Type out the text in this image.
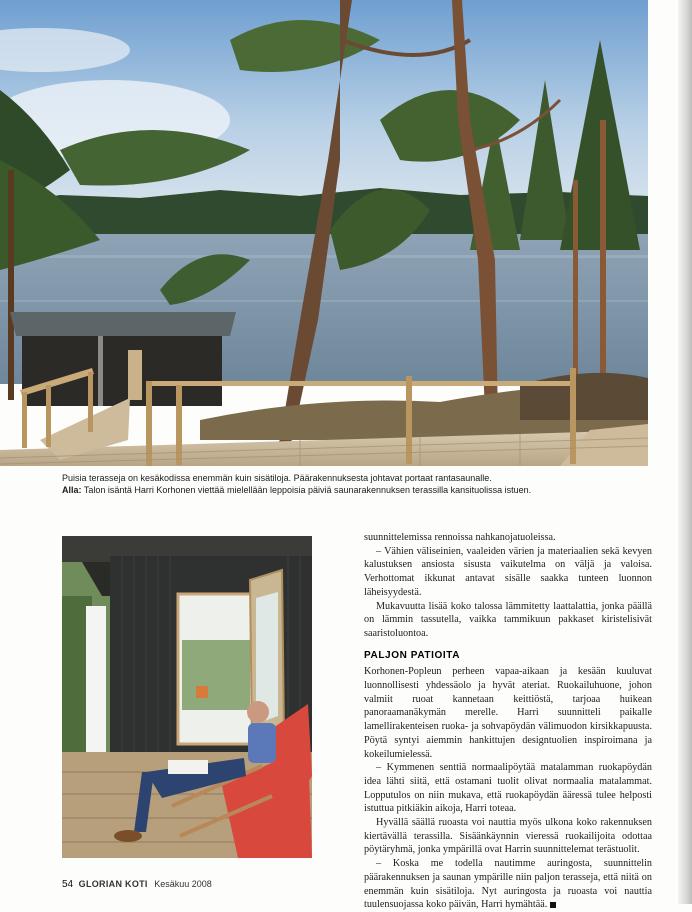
Puisia terasseja on kesäkodissa enemmän kuin sisätiloja. Päärakennuksesta johtavat portaat rantasaunalle.
Alla: Talon isäntä Harri Korhonen viettää mielellään leppoisia päiviä saunarakennuksen terassilla kansituolissa istuen.

suunnittelemissa rennoissa nahkanojatuoleissa.

– Vähien väliseinien, vaaleiden värien ja materiaalien sekä kevyen kalustuksen ansiosta sisusta vaikutelma on väljä ja valoisa. Verhottomat ikkunat antavat sisälle saakka tunteen luonnon läheisyydestä.

Mukavuutta lisää koko talossa lämmitetty laattalattia, jonka päällä on lämmin tassutella, vaikka tammikuun pakkaset kiristelisivät saaristoluontoa.

PALJON PATIOITA

Korhonen-Popleun perheen vapaa-aikaan ja kesään kuuluvat luonnollisesti yhdessäolo ja hyvät ateriat. Ruokailuhuone, johon valmiit ruoat kannetaan keittiöstä, tarjoaa huikean panoraamanäkymän merelle. Harri suunnitteli paikalle lamellirakenteisen ruoka- ja sohvapöydän välimuodon kirsikkapuusta. Pöytä syntyi aiemmin hankittujen designtuolien inspiroimana ja kokeilumielessä.

– Kymmenen senttiä normaalipöytää matalamman ruokapöydän idea lähti siitä, että ostamani tuolit olivat normaalia matalammat. Lopputulos on niin mukava, että ruokapöydän ääressä tulee helposti istuttua pitkiäkin aikoja, Harri toteaa.

Hyvällä säällä ruoasta voi nauttia myös ulkona koko rakennuksen kiertävällä terassilla. Sisäänkäynnin vieressä ruokailijoita odottaa pöytäryhmä, jonka ympärillä ovat Harrin suunnittelemat terästuolit.

– Koska me todella nautimme auringosta, suunnittelin päärakennuksen ja saunan ympärille niin paljon terasseja, että niitä on enemmän kuin sisätiloja. Nyt auringosta ja ruoasta voi nauttia tuulensuojassa koko päivän, Harri hymähtää.

54 GLORIAN KOTI Kesäkuu 2008
